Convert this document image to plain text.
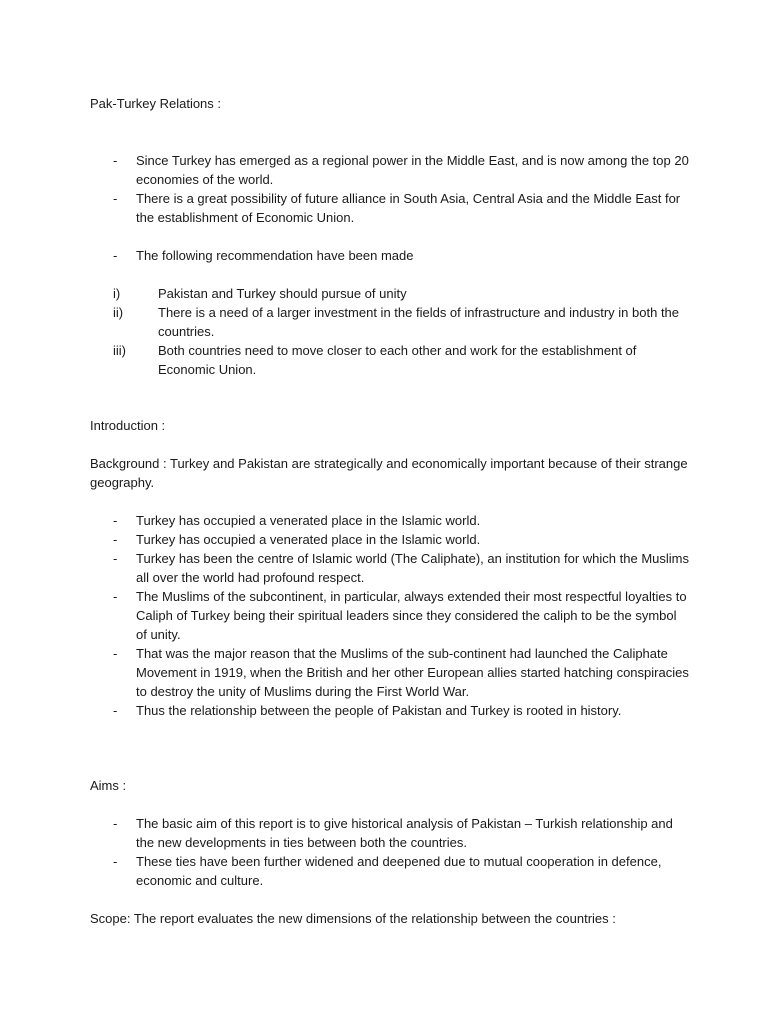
Pak-Turkey Relations :

- Since Turkey has emerged as a regional power in the Middle East, and is now among the top 20 economies of the world.
- There is a great possibility of future alliance in South Asia, Central Asia and the Middle East for the establishment of Economic Union.
- The following recommendation have been made
i)	Pakistan and Turkey should pursue of unity
ii)	There is a need of a larger investment in the fields of infrastructure and industry in both the countries.
iii) Both countries need to move closer to each other and work for the establishment of Economic Union.

Introduction :

Background : Turkey and Pakistan are strategically and economically important because of their strange geography.

- Turkey has occupied a venerated place in the Islamic world.
- Turkey has occupied a venerated place in the Islamic world.
- Turkey has been the centre of Islamic world (The Caliphate), an institution for which the Muslims all over the world had profound respect.
- The Muslims of the subcontinent, in particular, always extended their most respectful loyalties to Caliph of Turkey being their spiritual leaders since they considered the caliph to be the symbol of unity.
- That was the major reason that the Muslims of the sub-continent had launched the Caliphate Movement in 1919, when the British and her other European allies started hatching conspiracies to destroy the unity of Muslims during the First World War.
- Thus the relationship between the people of Pakistan and Turkey is rooted in history.

Aims :

- The basic aim of this report is to give historical analysis of Pakistan – Turkish relationship and the new developments in ties between both the countries.
- These ties have been further widened and deepened due to mutual cooperation in defence, economic and culture.

Scope: The report evaluates the new dimensions of the relationship between the countries :
